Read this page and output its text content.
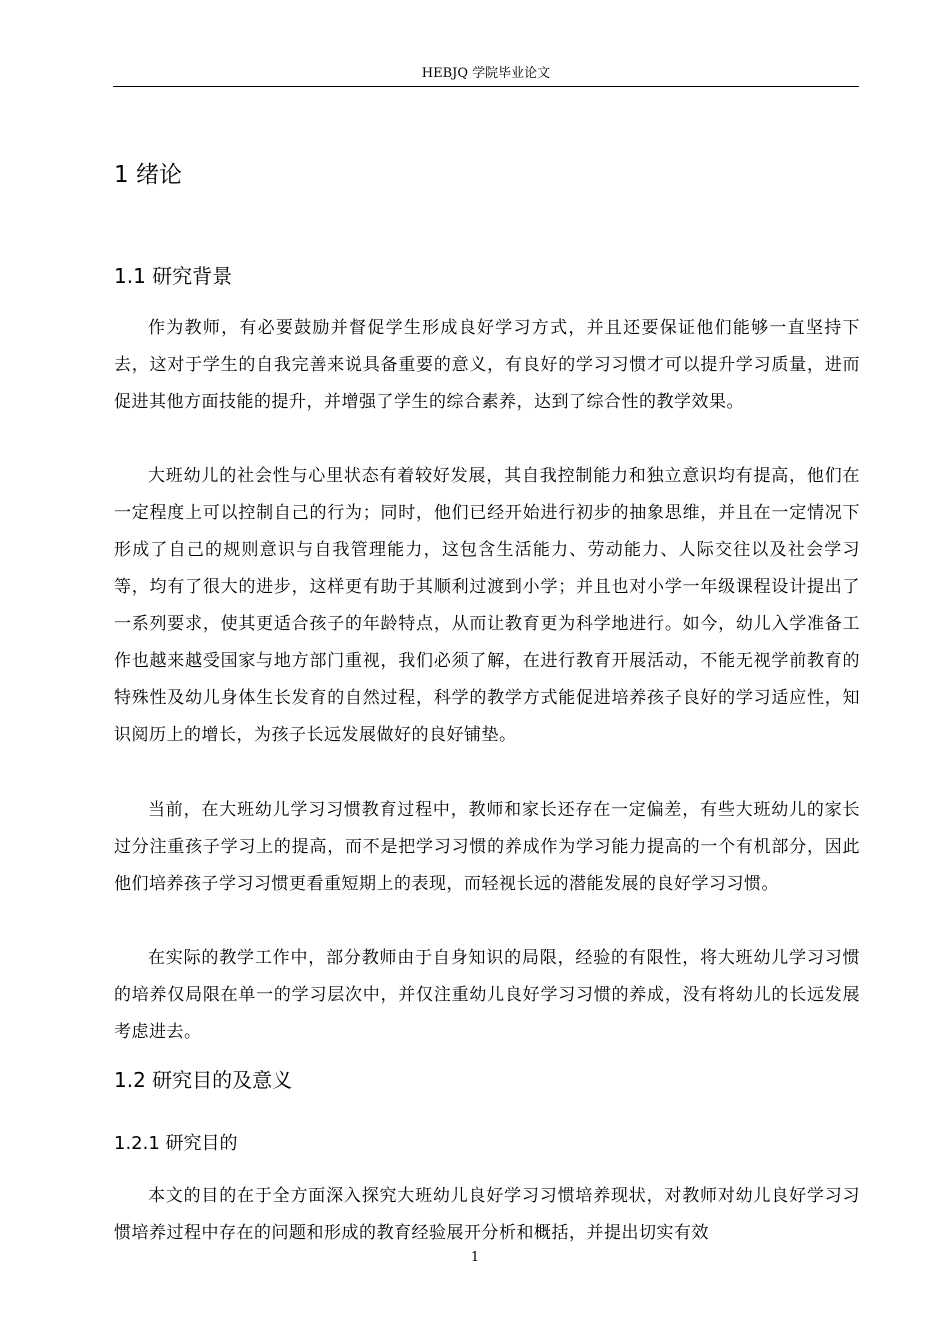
HEBJQ 学院毕业论文
1 绪论
1.1 研究背景

作为教师，有必要鼓励并督促学生形成良好学习方式，并且还要保证他们能够一直坚持下去，这对于学生的自我完善来说具备重要的意义，有良好的学习习惯才可以提升学习质量，进而促进其他方面技能的提升，并增强了学生的综合素养，达到了综合性的教学效果。

大班幼儿的社会性与心里状态有着较好发展，其自我控制能力和独立意识均有提高，他们在一定程度上可以控制自己的行为；同时，他们已经开始进行初步的抽象思维，并且在一定情况下形成了自己的规则意识与自我管理能力，这包含生活能力、劳动能力、人际交往以及社会学习等，均有了很大的进步，这样更有助于其顺利过渡到小学；并且也对小学一年级课程设计提出了一系列要求，使其更适合孩子的年龄特点，从而让教育更为科学地进行。如今，幼儿入学准备工作也越来越受国家与地方部门重视，我们必须了解，在进行教育开展活动，不能无视学前教育的特殊性及幼儿身体生长发育的自然过程，科学的教学方式能促进培养孩子良好的学习适应性，知识阅历上的增长，为孩子长远发展做好的良好铺垫。

当前，在大班幼儿学习习惯教育过程中，教师和家长还存在一定偏差，有些大班幼儿的家长过分注重孩子学习上的提高，而不是把学习习惯的养成作为学习能力提高的一个有机部分，因此他们培养孩子学习习惯更看重短期上的表现，而轻视长远的潜能发展的良好学习习惯。

在实际的教学工作中，部分教师由于自身知识的局限，经验的有限性，将大班幼儿学习习惯的培养仅局限在单一的学习层次中，并仅注重幼儿良好学习习惯的养成，没有将幼儿的长远发展考虑进去。

1.2 研究目的及意义
1.2.1 研究目的

本文的目的在于全方面深入探究大班幼儿良好学习习惯培养现状，对教师对幼儿良好学习习惯培养过程中存在的问题和形成的教育经验展开分析和概括，并提出切实有效

1
